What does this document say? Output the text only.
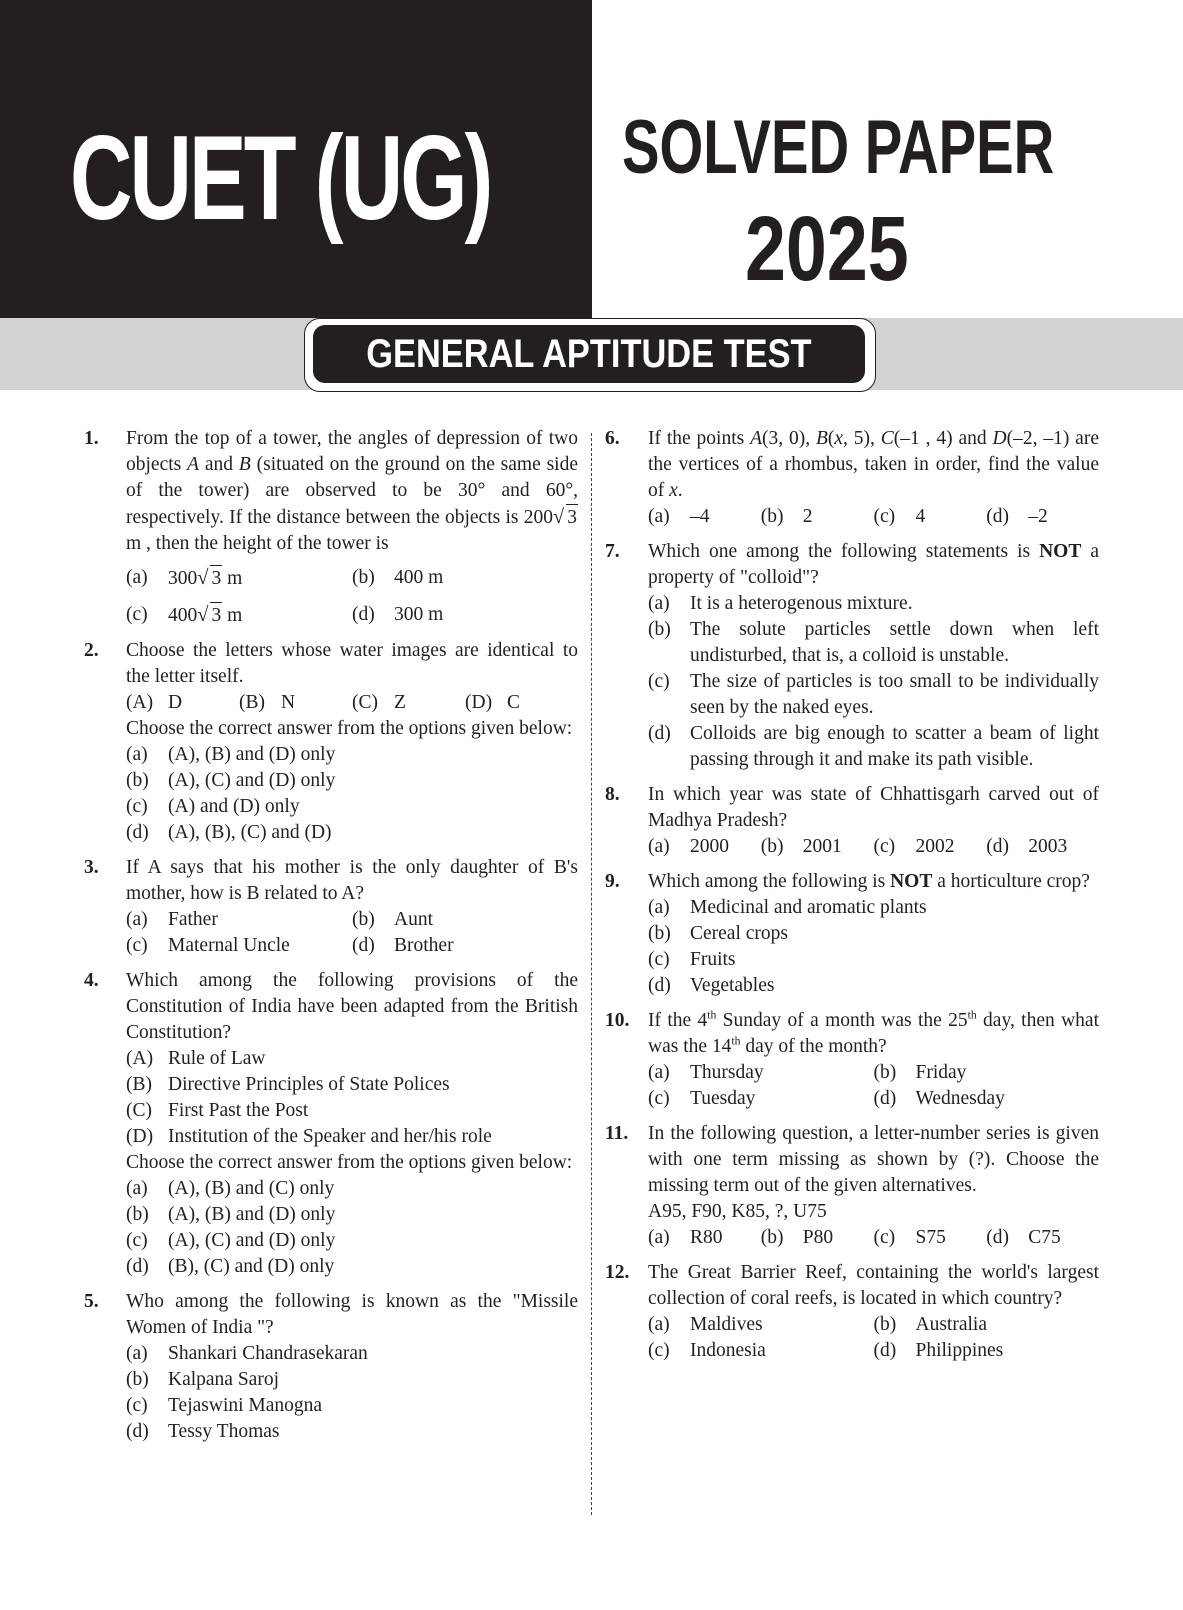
CUET (UG) SOLVED PAPER
2025
GENERAL APTITUDE TEST
1. From the top of a tower, the angles of depression of two objects A and B (situated on the ground on the same side of the tower) are observed to be 30° and 60°, respectively. If the distance between the objects is 200√ 3 m , then the height of the tower is
(a)	300√ 3 m	(b) 400 m
(c)	400√ 3 m	(d) 300 m
2. Choose the letters whose water images are identical to the letter itself.
(A) D	(B) N	(C) Z	(D) C
Choose the correct answer from the options given below:
(a)	(A), (B) and (D) only
(b) (A), (C) and (D) only
(c)	(A) and (D) only
(d) (A), (B), (C) and (D)
3. If A says that his mother is the only daughter of B's mother, how is B related to A?
(a)	Father	(b) Aunt
(c)	Maternal Uncle	(d) Brother
4. Which among the following provisions of the Constitution of India have been adapted from the British Constitution?
(A) Rule of Law
(B) Directive Principles of State Polices
(C) First Past the Post
(D) Institution of the Speaker and her/his role
Choose the correct answer from the options given below:
(a)	(A), (B) and (C) only
(b) (A), (B) and (D) only
(c)	(A), (C) and (D) only
(d) (B), (C) and (D) only
5. Who among the following is known as the "Missile Women of India "?
(a)	Shankari Chandrasekaran
(b) Kalpana Saroj
(c)	Tejaswini Manogna
(d) Tessy Thomas
6. If the points A(3, 0), B(x, 5), C(–1 , 4) and D(–2, –1) are the vertices of a rhombus, taken in order, find the value of x.
(a)	–4	(b) 2	(c)	4	(d) –2
7. Which one among the following statements is NOT a property of "colloid"?
(a)	It is a heterogenous mixture.
(b) The solute particles settle down when left undisturbed, that is, a colloid is unstable.
(c)	The size of particles is too small to be individually seen by the naked eyes.
(d) Colloids are big enough to scatter a beam of light passing through it and make its path visible.
8. In which year was state of Chhattisgarh carved out of Madhya Pradesh?
(a)	2000	(b) 2001	(c)	2002	(d) 2003
9. Which among the following is NOT a horticulture crop?
(a)	Medicinal and aromatic plants
(b) Cereal crops
(c)	Fruits
(d) Vegetables
10. If the 4th Sunday of a month was the 25th day, then what was the 14th day of the month?
(a)	Thursday	(b) Friday
(c)	Tuesday	(d) Wednesday
11. In the following question, a letter-number series is given with one term missing as shown by (?). Choose the missing term out of the given alternatives.
A95, F90, K85, ?, U75
(a)	R80	(b) P80	(c)	S75	(d) C75
12. The Great Barrier Reef, containing the world's largest collection of coral reefs, is located in which country?
(a)	Maldives	(b) Australia
(c)	Indonesia	(d) Philippines
